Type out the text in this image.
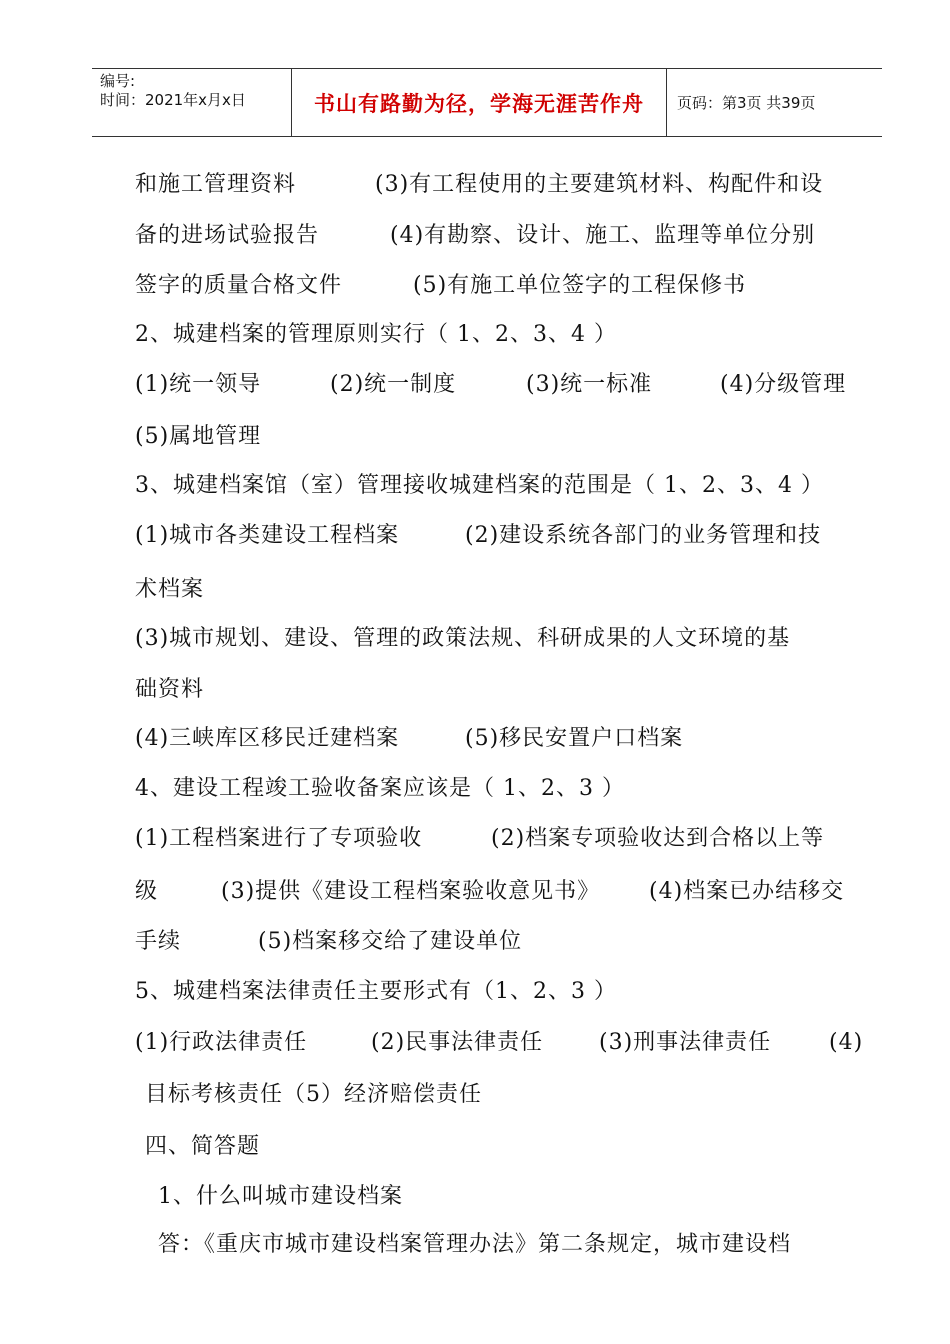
编号:
时间：2021年x月x日	书山有路勤为径，学海无涯苦作舟	页码：第3页 共39页
和施工管理资料	(3)有工程使用的主要建筑材料、构配件和设
备的进场试验报告	(4)有勘察、设计、施工、监理等单位分别
签字的质量合格文件	(5)有施工单位签字的工程保修书
2、城建档案的管理原则实行（ 1、2、3、4 ）
(1)统一领导	(2)统一制度	(3)统一标准	(4)分级管理
(5)属地管理
3、城建档案馆（室）管理接收城建档案的范围是（ 1、2、3、4 ）
(1)城市各类建设工程档案	(2)建设系统各部门的业务管理和技
术档案
(3)城市规划、建设、管理的政策法规、科研成果的人文环境的基
础资料
(4)三峡库区移民迁建档案	(5)移民安置户口档案
4、建设工程竣工验收备案应该是（ 1、2、3 ）
(1)工程档案进行了专项验收	(2)档案专项验收达到合格以上等
级	(3)提供《建设工程档案验收意见书》 (4)档案已办结移交
手续	(5)档案移交给了建设单位
5、城建档案法律责任主要形式有（1、2、3 ）
(1)行政法律责任	(2)民事法律责任	(3)刑事法律责任	(4)
目标考核责任（5）经济赔偿责任
四、简答题
1、什么叫城市建设档案
答：《重庆市城市建设档案管理办法》第二条规定，城市建设档
